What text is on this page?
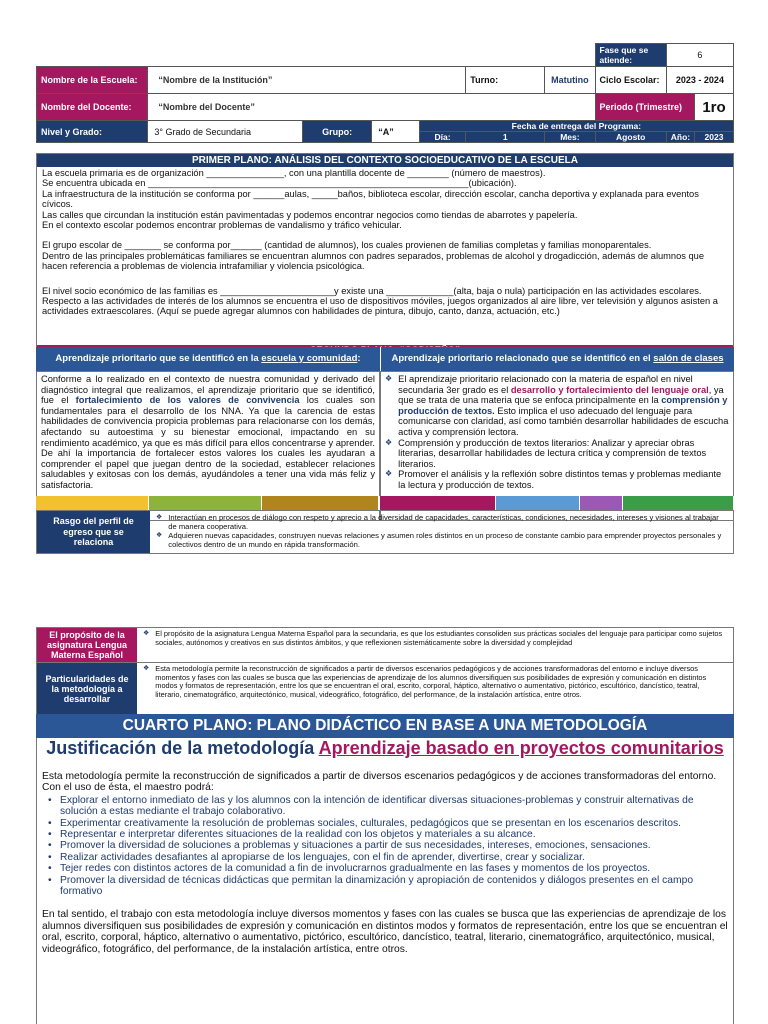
							Fase que se atiende:	6	
Nombre de la Escuela:	“Nombre de la Institución”				Turno:	Matutino	Ciclo Escolar:	2023 - 2024	
Nombre del Docente:	“Nombre del Docente”						Periodo (Trimestre)		1ro
Nivel y Grado:	3° Grado de Secundaria	Grupo:	“A”	Fecha de entrega del Programa:					
				Día:	1	Mes:	Agosto	Año:	2023
PRIMER PLANO: ANÁLISIS DEL CONTEXTO SOCIOEDUCATIVO DE LA ESCUELA

La escuela primaria es de organización _______________, con una plantilla docente de ________ (número de maestros).

Se encuentra ubicada en ______________________________________________________________(ubicación).

La infraestructura de la institución se conforma por ______aulas, _____baños, biblioteca escolar, dirección escolar, cancha deportiva y explanada para eventos cívicos.

Las calles que circundan la institución están pavimentadas y podemos encontrar negocios como tiendas de abarrotes y papelería.

En el contexto escolar podemos encontrar problemas de vandalismo y tráfico vehicular.

El grupo escolar de _______ se conforma por______ (cantidad de alumnos), los cuales provienen de familias completas y familias monoparentales.

Dentro de las principales problemáticas familiares se encuentran alumnos con padres separados, problemas de alcohol y drogadicción, además de alumnos que hacen referencia a problemas de violencia intrafamiliar y violencia psicológica.

El nivel socio económico de las familias es ______________________y existe una _____________(alta, baja o nula) participación en las actividades escolares.

Respecto a las actividades de interés de los alumnos se encuentra el uso de dispositivos móviles, juegos organizados al aire libre, ver televisión y algunos asisten a actividades extraescolares. (Aquí se puede agregar alumnos con habilidades de pintura, dibujo, canto, danza, actuación, etc.)

Aprendizaje prioritario que se identificó en la escuela y comunidad:	Aprendizaje prioritario relacionado que se identificó en el salón de clases
Conforme a lo realizado en el contexto de nuestra comunidad y derivado del diagnóstico integral que realizamos, el aprendizaje prioritario que se identificó, fue el fortalecimiento de los valores de convivencia los cuales son fundamentales para el desarrollo de los NNA. Ya que la carencia de estas habilidades de convivencia propicia problemas para relacionarse con los demás, afectando su autoestima y su bienestar emocional, impactando en su rendimiento académico, ya que es más difícil para ellos concentrarse y aprender. De ahí la importancia de fortalecer estos valores los cuales les ayudaran a comprender el papel que juegan dentro de la sociedad, establecer relaciones saludables y exitosas con los demás, ayudándoles a tener una vida más feliz y satisfactoria.
❖ El aprendizaje prioritario relacionado con la materia de español en nivel secundaria 3er grado es el desarrollo y fortalecimiento del lenguaje oral, ya que se trata de una materia que se enfoca principalmente en la comprensión y producción de textos. Esto implica el uso adecuado del lenguaje para comunicarse con claridad, así como también desarrollar habilidades de escucha activa y comprensión lectora.
❖ Comprensión y producción de textos literarios: Analizar y apreciar obras literarias, desarrollar habilidades de lectura crítica y comprensión de textos literarios.
❖ Promover el análisis y la reflexión sobre distintos temas y problemas mediante la lectura y producción de textos.
Rasgo del perfil de egreso que se relaciona
❖ Interactúan en procesos de diálogo con respeto y aprecio a la diversidad de capacidades, características, condiciones, necesidades, intereses y visiones al trabajar de manera cooperativa.
❖ Adquieren nuevas capacidades, construyen nuevas relaciones y asumen roles distintos en un proceso de constante cambio para emprender proyectos personales y colectivos dentro de un mundo en rápida transformación.
El propósito de la asignatura Lengua Materna Español
❖ El propósito de la asignatura Lengua Materna Español para la secundaria, es que los estudiantes consoliden sus prácticas sociales del lenguaje para participar como sujetos sociales, autónomos y creativos en sus distintos ámbitos, y que reflexionen sistemáticamente sobre la diversidad y complejidad
Particularidades de la metodología a desarrollar
❖ Esta metodología permite la reconstrucción de significados a partir de diversos escenarios pedagógicos y de acciones transformadoras del entorno e incluye diversos momentos y fases con las cuales se busca que las experiencias de aprendizaje de los alumnos diversifiquen sus posibilidades de expresión y comunicación en distintos modos y formatos de representación, entre los que se encuentran el oral, escrito, corporal, háptico, alternativo o aumentativo, pictórico, escultórico, dancístico, teatral, literario, cinematográfico, arquitectónico, musical, videográfico, fotográfico, del performance, de la instalación artística, entre otros.
CUARTO PLANO: PLANO DIDÁCTICO EN BASE A UNA METODOLOGÍA
Justificación de la metodología Aprendizaje basado en proyectos comunitarios

Esta metodología permite la reconstrucción de significados a partir de diversos escenarios pedagógicos y de acciones transformadoras del entorno. Con el uso de ésta, el maestro podrá:

• Explorar el entorno inmediato de las y los alumnos con la intención de identificar diversas situaciones-problemas y construir alternativas de solución a estas mediante el trabajo colaborativo.
• Experimentar creativamente la resolución de problemas sociales, culturales, pedagógicos que se presentan en los escenarios descritos.
• Representar e interpretar diferentes situaciones de la realidad con los objetos y materiales a su alcance.
• Promover la diversidad de soluciones a problemas y situaciones a partir de sus necesidades, intereses, emociones, sensaciones.
• Realizar actividades desafiantes al apropiarse de los lenguajes, con el fin de aprender, divertirse, crear y socializar.
• Tejer redes con distintos actores de la comunidad a fin de involucrarnos gradualmente en las fases y momentos de los proyectos.
• Promover la diversidad de técnicas didácticas que permitan la dinamización y apropiación de contenidos y diálogos presentes en el campo formativo

En tal sentido, el trabajo con esta metodología incluye diversos momentos y fases con las cuales se busca que las experiencias de aprendizaje de los alumnos diversifiquen sus posibilidades de expresión y comunicación en distintos modos y formatos de representación, entre los que se encuentran el oral, escrito, corporal, háptico, alternativo o aumentativo, pictórico, escultórico, dancístico, teatral, literario, cinematográfico, arquitectónico, musical, videográfico, fotográfico, del performance, de la instalación artística, entre otros.
